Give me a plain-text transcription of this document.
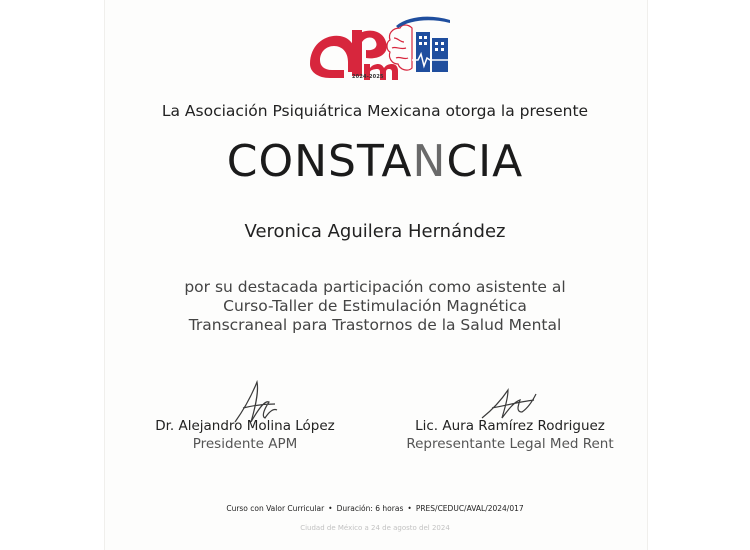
2024-2025
La Asociación Psiquiátrica Mexicana otorga la presente
CONSTANCIA
Veronica Aguilera Hernández
por su destacada participación como asistente al
Curso-Taller de Estimulación Magnética
Transcraneal para Trastornos de la Salud Mental
Dr. Alejandro Molina López
Presidente APM
Lic. Aura Ramírez Rodriguez
Representante Legal Med Rent
Curso con Valor Curricular • Duración: 6 horas • PRES/CEDUC/AVAL/2024/017
Ciudad de México a 24 de agosto del 2024
